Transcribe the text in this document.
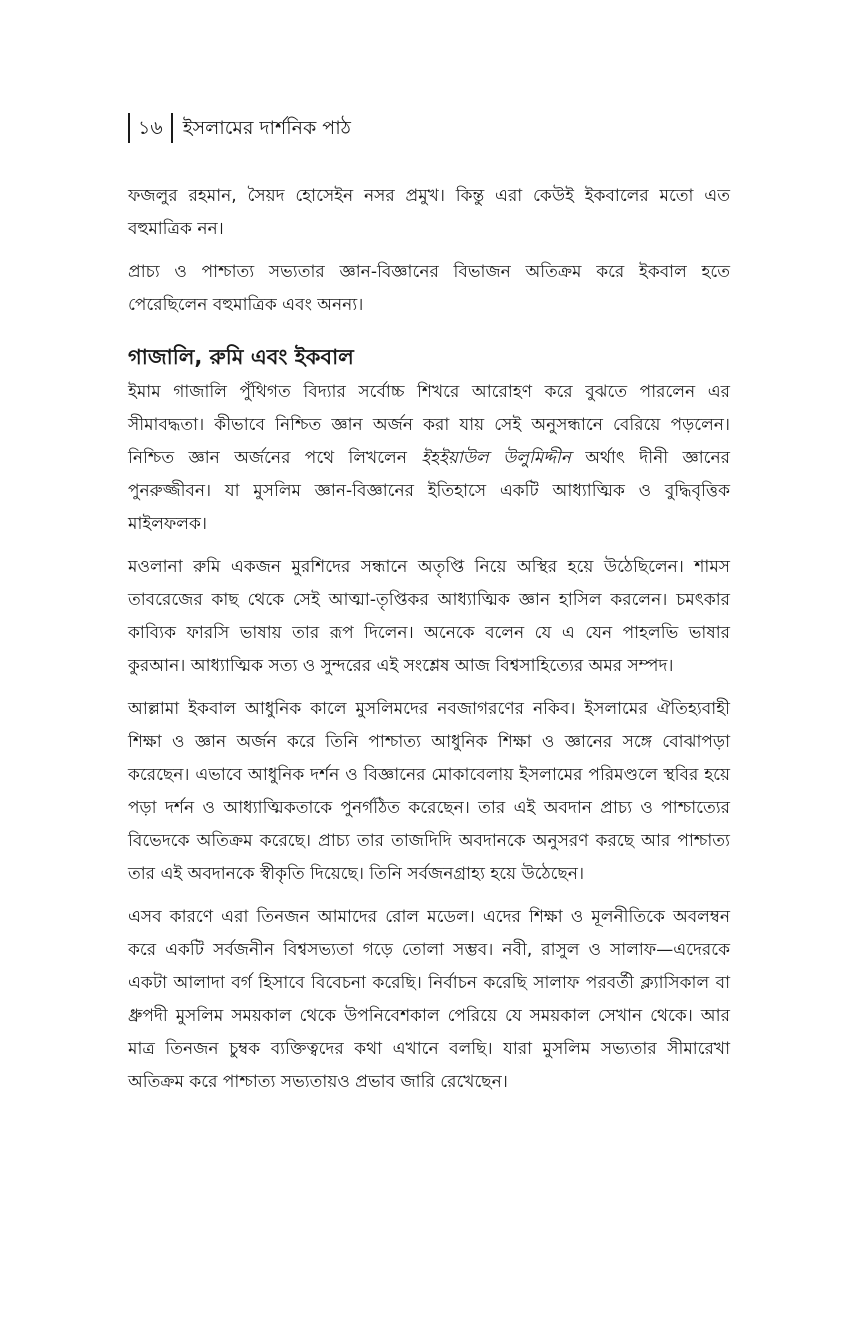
১৬	ইসলামের দার্শনিক পাঠ

ফজলুর রহমান, সৈয়দ হোসেইন নসর প্রমুখ। কিন্তু এরা কেউই ইকবালের মতো এত বহুমাত্রিক নন।

প্রাচ্য ও পাশ্চাত্য সভ্যতার জ্ঞান-বিজ্ঞানের বিভাজন অতিক্রম করে ইকবাল হতে পেরেছিলেন বহুমাত্রিক এবং অনন্য।

গাজালি, রুমি এবং ইকবাল

ইমাম গাজালি পুঁথিগত বিদ্যার সর্বোচ্চ শিখরে আরোহণ করে বুঝতে পারলেন এর সীমাবদ্ধতা। কীভাবে নিশ্চিত জ্ঞান অর্জন করা যায় সেই অনুসন্ধানে বেরিয়ে পড়লেন। নিশ্চিত জ্ঞান অর্জনের পথে লিখলেন ইহইয়াউল উলুমিদ্দীন অর্থাৎ দীনী জ্ঞানের পুনরুজ্জীবন। যা মুসলিম জ্ঞান-বিজ্ঞানের ইতিহাসে একটি আধ্যাত্মিক ও বুদ্ধিবৃত্তিক মাইলফলক।

মওলানা রুমি একজন মুরশিদের সন্ধানে অতৃপ্তি নিয়ে অস্থির হয়ে উঠেছিলেন। শামস তাবরেজের কাছ থেকে সেই আত্মা-তৃপ্তিকর আধ্যাত্মিক জ্ঞান হাসিল করলেন। চমৎকার কাব্যিক ফারসি ভাষায় তার রূপ দিলেন। অনেকে বলেন যে এ যেন পাহলভি ভাষার কুরআন। আধ্যাত্মিক সত্য ও সুন্দরের এই সংশ্লেষ আজ বিশ্বসাহিত্যের অমর সম্পদ।

আল্লামা ইকবাল আধুনিক কালে মুসলিমদের নবজাগরণের নকিব। ইসলামের ঐতিহ্যবাহী শিক্ষা ও জ্ঞান অর্জন করে তিনি পাশ্চাত্য আধুনিক শিক্ষা ও জ্ঞানের সঙ্গে বোঝাপড়া করেছেন। এভাবে আধুনিক দর্শন ও বিজ্ঞানের মোকাবেলায় ইসলামের পরিমণ্ডলে স্থবির হয়ে পড়া দর্শন ও আধ্যাত্মিকতাকে পুনর্গঠিত করেছেন। তার এই অবদান প্রাচ্য ও পাশ্চাত্যের বিভেদকে অতিক্রম করেছে। প্রাচ্য তার তাজদিদি অবদানকে অনুসরণ করছে আর পাশ্চাত্য তার এই অবদানকে স্বীকৃতি দিয়েছে। তিনি সর্বজনগ্রাহ্য হয়ে উঠেছেন।

এসব কারণে এরা তিনজন আমাদের রোল মডেল। এদের শিক্ষা ও মূলনীতিকে অবলম্বন করে একটি সর্বজনীন বিশ্বসভ্যতা গড়ে তোলা সম্ভব। নবী, রাসুল ও সালাফ—এদেরকে একটা আলাদা বর্গ হিসাবে বিবেচনা করেছি। নির্বাচন করেছি সালাফ পরবর্তী ক্ল্যাসিকাল বা ধ্রুপদী মুসলিম সময়কাল থেকে উপনিবেশকাল পেরিয়ে যে সময়কাল সেখান থেকে। আর মাত্র তিনজন চুম্বক ব্যক্তিত্বদের কথা এখানে বলছি। যারা মুসলিম সভ্যতার সীমারেখা অতিক্রম করে পাশ্চাত্য সভ্যতায়ও প্রভাব জারি রেখেছেন।
